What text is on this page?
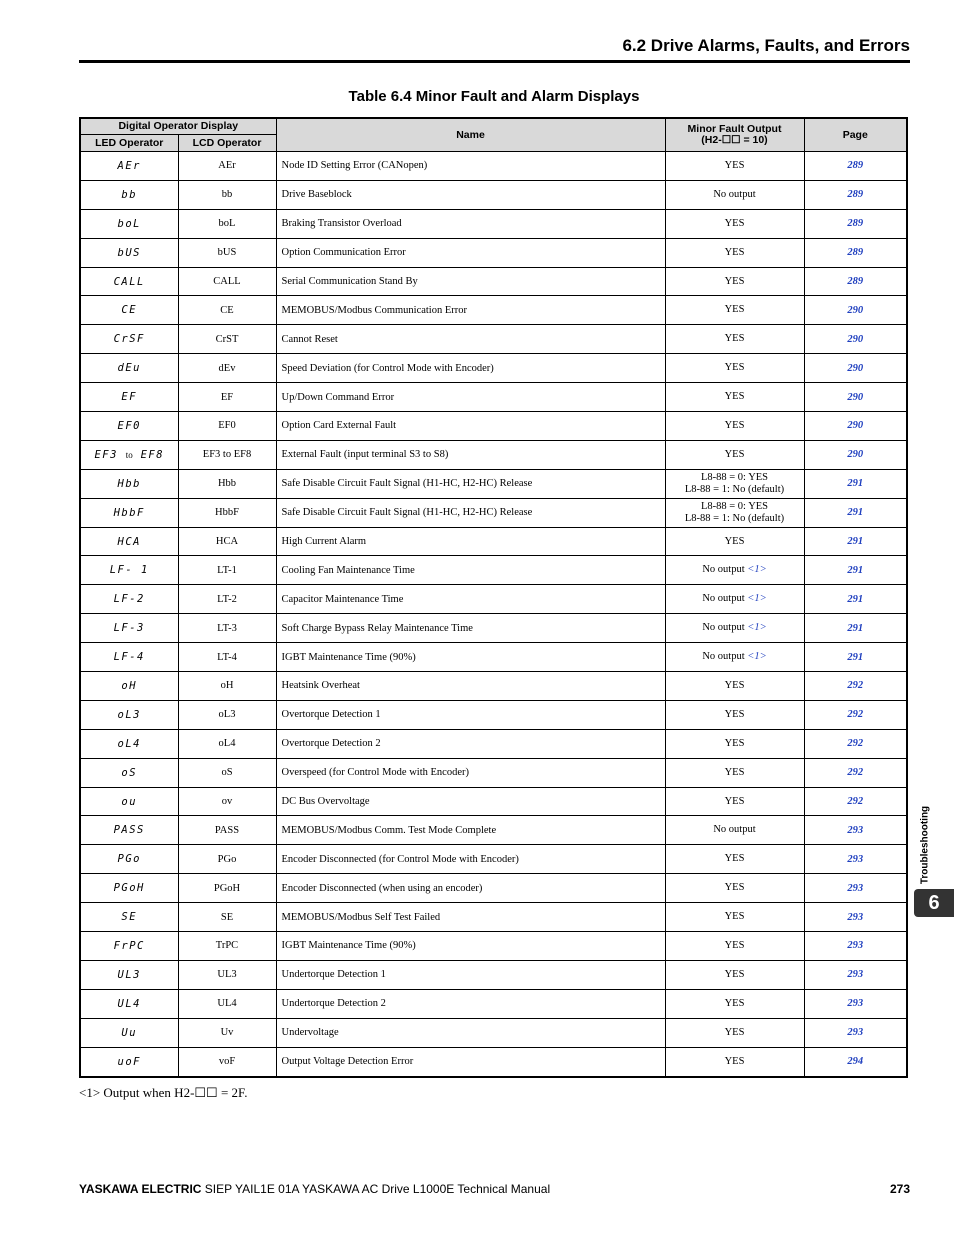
6.2 Drive Alarms, Faults, and Errors
Table 6.4 Minor Fault and Alarm Displays
Digital Operator Display		Name	Minor Fault Output
(H2-☐☐ = 10)	Page
LED Operator	LCD Operator			
AEr	AEr	Node ID Setting Error (CANopen)	YES	289
bb	bb	Drive Baseblock	No output	289
boL	boL	Braking Transistor Overload	YES	289
bUS	bUS	Option Communication Error	YES	289
CALL	CALL	Serial Communication Stand By	YES	289
CE	CE	MEMOBUS/Modbus Communication Error	YES	290
CrSF	CrST	Cannot Reset	YES	290
dEu	dEv	Speed Deviation (for Control Mode with Encoder)	YES	290
EF	EF	Up/Down Command Error	YES	290
EF0	EF0	Option Card External Fault	YES	290
EF3 to EF8	EF3 to EF8	External Fault (input terminal S3 to S8)	YES	290
Hbb	Hbb	Safe Disable Circuit Fault Signal (H1-HC, H2-HC) Release	L8-88 = 0: YES
L8-88 = 1: No (default)	291
HbbF	HbbF	Safe Disable Circuit Fault Signal (H1-HC, H2-HC) Release	L8-88 = 0: YES
L8-88 = 1: No (default)	291
HCA	HCA	High Current Alarm	YES	291
LF- 1	LT-1	Cooling Fan Maintenance Time	No output <1>	291
LF-2	LT-2	Capacitor Maintenance Time	No output <1>	291
LF-3	LT-3	Soft Charge Bypass Relay Maintenance Time	No output <1>	291
LF-4	LT-4	IGBT Maintenance Time (90%)	No output <1>	291
oH	oH	Heatsink Overheat	YES	292
oL3	oL3	Overtorque Detection 1	YES	292
oL4	oL4	Overtorque Detection 2	YES	292
oS	oS	Overspeed (for Control Mode with Encoder)	YES	292
ou	ov	DC Bus Overvoltage	YES	292
PASS	PASS	MEMOBUS/Modbus Comm. Test Mode Complete	No output	293
PGo	PGo	Encoder Disconnected (for Control Mode with Encoder)	YES	293
PGoH	PGoH	Encoder Disconnected (when using an encoder)	YES	293
SE	SE	MEMOBUS/Modbus Self Test Failed	YES	293
FrPC	TrPC	IGBT Maintenance Time (90%)	YES	293
UL3	UL3	Undertorque Detection 1	YES	293
UL4	UL4	Undertorque Detection 2	YES	293
Uu	Uv	Undervoltage	YES	293
uoF	voF	Output Voltage Detection Error	YES	294
<1> Output when H2-☐☐ = 2F.
Troubleshooting
6
YASKAWA ELECTRIC SIEP YAIL1E 01A YASKAWA AC Drive L1000E Technical Manual	273
